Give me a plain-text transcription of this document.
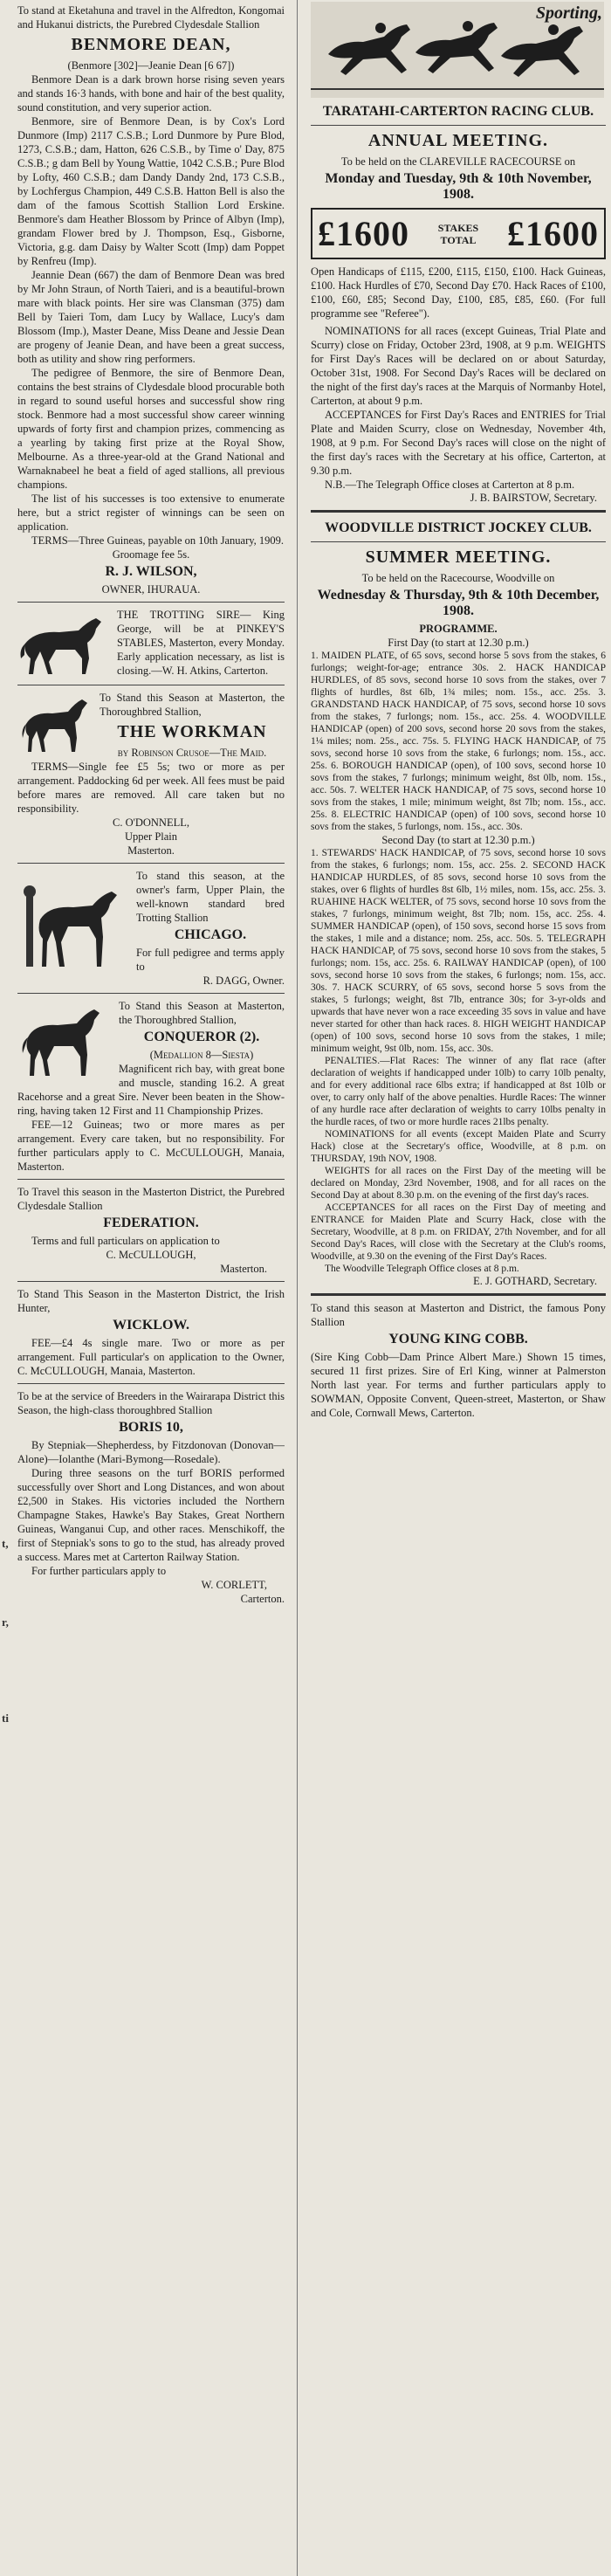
t,
r,
ti

To stand at Eketahuna and travel in the Alfredton, Kongomai and Hukanui districts, the Purebred Clydesdale Stallion

BENMORE DEAN,

(Benmore [302]—Jeanie Dean [6 67])

Benmore Dean is a dark brown horse rising seven years and stands 16·3 hands, with bone and hair of the best quality, sound constitution, and very superior action.

Benmore, sire of Benmore Dean, is by Cox's Lord Dunmore (Imp) 2117 C.S.B.; Lord Dunmore by Pure Blod, 1273, C.S.B.; dam, Hatton, 626 C.S.B., by Time o' Day, 875 C.S.B.; g dam Bell by Young Wattie, 1042 C.S.B.; Pure Blod by Lofty, 460 C.S.B.; dam Dandy Dandy 2nd, 173 C.S.B., by Lochfergus Champion, 449 C.S.B. Hatton Bell is also the dam of the famous Scottish Stallion Lord Erskine. Benmore's dam Heather Blossom by Prince of Albyn (Imp), grandam Flower bred by J. Thompson, Esq., Gisborne, Victoria, g.g. dam Daisy by Walter Scott (Imp) dam Poppet by Renfreu (Imp).

Jeannie Dean (667) the dam of Benmore Dean was bred by Mr John Straun, of North Taieri, and is a beautiful-brown mare with black points. Her sire was Clansman (375) dam Bell by Taieri Tom, dam Lucy by Wallace, Lucy's dam Blossom (Imp.), Master Deane, Miss Deane and Jessie Dean are progeny of Jeanie Dean, and have been a great success, both as utility and show ring performers.

The pedigree of Benmore, the sire of Benmore Dean, contains the best strains of Clydesdale blood procurable both in regard to sound useful horses and successful show ring stock. Benmore had a most successful show career winning upwards of forty first and champion prizes, commencing as a yearling by taking first prize at the Royal Show, Melbourne. As a three-year-old at the Grand National and Warnaknabeel he beat a field of aged stallions, all previous champions.

The list of his successes is too extensive to enumerate here, but a strict register of winnings can be seen on application.

TERMS—Three Guineas, payable on 10th January, 1909.

Groomage fee 5s.

R. J. WILSON,

OWNER, IHURAUA.

THE TROTTING SIRE— King George, will be at PINKEY'S STABLES, Masterton, every Monday. Early application necessary, as list is closing.—W. H. Atkins, Carterton.

To Stand this Season at Masterton, the Thoroughbred Stallion,

THE WORKMAN

by Robinson Crusoe—The Maid.

TERMS—Single fee £5 5s; two or more as per arrangement. Paddocking 6d per week. All fees must be paid before mares are removed. All care taken but no responsibility.

C. O'DONNELL,

Upper Plain

Masterton.

To stand this season, at the owner's farm, Upper Plain, the well-known standard bred Trotting Stallion

CHICAGO.

For full pedigree and terms apply to

R. DAGG, Owner.

To Stand this Season at Masterton, the Thoroughbred Stallion,

CONQUEROR (2).

(Medallion 8—Siesta)

Magnificent rich bay, with great bone and muscle, standing 16.2. A great Racehorse and a great Sire. Never been beaten in the Show-ring, having taken 12 First and 11 Championship Prizes.

FEE—12 Guineas; two or more mares as per arrangement. Every care taken, but no responsibility. For further particulars apply to C. McCULLOUGH, Manaia, Masterton.

To Travel this season in the Masterton District, the Purebred Clydesdale Stallion

FEDERATION.

Terms and full particulars on application to

C. McCULLOUGH,

Masterton.

To Stand This Season in the Masterton District, the Irish Hunter,

WICKLOW.

FEE—£4 4s single mare. Two or more as per arrangement. Full particular's on application to the Owner, C. McCULLOUGH, Manaia, Masterton.

To be at the service of Breeders in the Wairarapa District this Season, the high-class thoroughbred Stallion

BORIS 10,

By Stepniak—Shepherdess, by Fitzdonovan (Donovan—Alone)—Iolanthe (Mari-Bymong—Rosedale).

During three seasons on the turf BORIS performed successfully over Short and Long Distances, and won about £2,500 in Stakes. His victories included the Northern Champagne Stakes, Hawke's Bay Stakes, Great Northern Guineas, Wanganui Cup, and other races. Menschikoff, the first of Stepniak's sons to go to the stud, has already proved a success. Mares met at Carterton Railway Station.

For further particulars apply to

W. CORLETT,

Carterton.

Sporting,
TARATAHI-CARTERTON RACING CLUB.
ANNUAL MEETING.

To be held on the CLAREVILLE RACECOURSE on

Monday and Tuesday, 9th & 10th November, 1908.
£1600	STAKES
TOTAL £1600

Open Handicaps of £115, £200, £115, £150, £100. Hack Guineas, £100. Hack Hurdles of £70, Second Day £70. Hack Races of £100, £100, £60, £85; Second Day, £100, £85, £85, £60. (For full programme see "Referee").

NOMINATIONS for all races (except Guineas, Trial Plate and Scurry) close on Friday, October 23rd, 1908, at 9 p.m. WEIGHTS for First Day's Races will be declared on or about Saturday, October 31st, 1908. For Second Day's Races will be declared on the night of the first day's races at the Marquis of Normanby Hotel, Carterton, at about 9 p.m.

ACCEPTANCES for First Day's Races and ENTRIES for Trial Plate and Maiden Scurry, close on Wednesday, November 4th, 1908, at 9 p.m. For Second Day's races will close on the night of the first day's races with the Secretary at his office, Carterton, at 9.30 p.m.

N.B.—The Telegraph Office closes at Carterton at 8 p.m.

J. B. BAIRSTOW, Secretary.

WOODVILLE DISTRICT JOCKEY CLUB.
SUMMER MEETING.

To be held on the Racecourse, Woodville on

Wednesday & Thursday, 9th & 10th December, 1908.

PROGRAMME.

First Day (to start at 12.30 p.m.)

1. MAIDEN PLATE, of 65 sovs, second horse 5 sovs from the stakes, 6 furlongs; weight-for-age; entrance 30s. 2. HACK HANDICAP HURDLES, of 85 sovs, second horse 10 sovs from the stakes, over 7 flights of hurdles, 8st 6lb, 1¾ miles; nom. 15s., acc. 25s. 3. GRANDSTAND HACK HANDICAP, of 75 sovs, second horse 10 sovs from the stakes, 7 furlongs; nom. 15s., acc. 25s. 4. WOODVILLE HANDICAP (open) of 200 sovs, second horse 20 sovs from the stakes, 1¼ miles; nom. 25s., acc. 75s. 5. FLYING HACK HANDICAP, of 75 sovs, second horse 10 sovs from the stake, 6 furlongs; nom. 15s., acc. 25s. 6. BOROUGH HANDICAP (open), of 100 sovs, second horse 10 sovs from the stakes, 7 furlongs; minimum weight, 8st 0lb, nom. 15s., acc. 50s. 7. WELTER HACK HANDICAP, of 75 sovs, second horse 10 sovs from the stakes, 1 mile; minimum weight, 8st 7lb; nom. 15s., acc. 25s. 8. ELECTRIC HANDICAP (open) of 100 sovs, second horse 10 sovs from the stakes, 5 furlongs, nom. 15s., acc. 30s.

Second Day (to start at 12.30 p.m.)

1. STEWARDS' HACK HANDICAP, of 75 sovs, second horse 10 sovs from the stakes, 6 furlongs; nom. 15s, acc. 25s. 2. SECOND HACK HANDICAP HURDLES, of 85 sovs, second horse 10 sovs from the stakes, over 6 flights of hurdles 8st 6lb, 1½ miles, nom. 15s, acc. 25s. 3. RUAHINE HACK WELTER, of 75 sovs, second horse 10 sovs from the stakes, 7 furlongs, minimum weight, 8st 7lb; nom. 15s, acc. 25s. 4. SUMMER HANDICAP (open), of 150 sovs, second horse 15 sovs from the stakes, 1 mile and a distance; nom. 25s, acc. 50s. 5. TELEGRAPH HACK HANDICAP, of 75 sovs, second horse 10 sovs from the stakes, 5 furlongs; nom. 15s, acc. 25s. 6. RAILWAY HANDICAP (open), of 100 sovs, second horse 10 sovs from the stakes, 6 furlongs; nom. 15s, acc. 30s. 7. HACK SCURRY, of 65 sovs, second horse 5 sovs from the stakes, 5 furlongs; weight, 8st 7lb, entrance 30s; for 3-yr-olds and upwards that have never won a race exceeding 35 sovs in value and have never started for other than hack races. 8. HIGH WEIGHT HANDICAP (open) of 100 sovs, second horse 10 sovs from the stakes, 1 mile; minimum weight, 9st 0lb, nom. 15s, acc. 30s.

PENALTIES.—Flat Races: The winner of any flat race (after declaration of weights if handicapped under 10lb) to carry 10lb penalty, and for every additional race 6lbs extra; if handicapped at 8st 10lb or over, to carry only half of the above penalties. Hurdle Races: The winner of any hurdle race after declaration of weights to carry 10lbs penalty in the hurdle races, of two or more hurdle races 21lbs penalty.

NOMINATIONS for all events (except Maiden Plate and Scurry Hack) close at the Secretary's office, Woodville, at 8 p.m. on THURSDAY, 19th NOV, 1908.

WEIGHTS for all races on the First Day of the meeting will be declared on Monday, 23rd November, 1908, and for all races on the Second Day at about 8.30 p.m. on the evening of the first day's races.

ACCEPTANCES for all races on the First Day of meeting and ENTRANCE for Maiden Plate and Scurry Hack, close with the Secretary, Woodville, at 8 p.m. on FRIDAY, 27th November, and for all Second Day's Races, will close with the Secretary at the Club's rooms, Woodville, at 9.30 on the evening of the First Day's Races.

The Woodville Telegraph Office closes at 8 p.m.

E. J. GOTHARD, Secretary.

To stand this season at Masterton and District, the famous Pony Stallion

YOUNG KING COBB.

(Sire King Cobb—Dam Prince Albert Mare.) Shown 15 times, secured 11 first prizes. Sire of Erl King, winner at Palmerston North last year. For terms and further particulars apply to SOWMAN, Opposite Convent, Queen-street, Masterton, or Shaw and Cole, Cornwall Mews, Carterton.
